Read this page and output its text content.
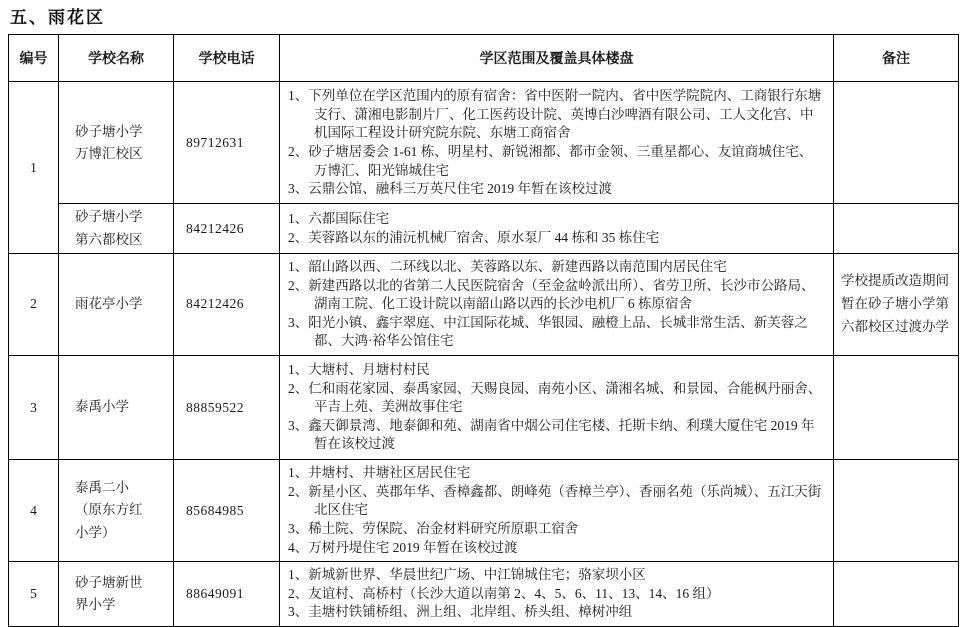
五、雨花区
编号	学校名称	学校电话	学区范围及覆盖具体楼盘	备注
1	砂子塘小学万博汇校区	89712631	1、下列单位在学区范围内的原有宿舍：省中医附一院内、省中医学院院内、工商银行东塘支行、潇湘电影制片厂、化工医药设计院、英博白沙啤酒有限公司、工人文化宫、中机国际工程设计研究院东院、东塘工商宿舍
2、砂子塘居委会 1-61 栋、明星村、新锐湘都、都市金领、三重星都心、友谊商城住宅、万博汇、阳光锦城住宅
3、云鼎公馆、融科三万英尺住宅 2019 年暂在该校过渡	

	砂子塘小学第六都校区	84212426	1、六都国际住宅
2、芙蓉路以东的浦沅机械厂宿舍、原水泵厂 44 栋和 35 栋住宅	

2	雨花亭小学	84212426	1、韶山路以西、二环线以北、芙蓉路以东、新建西路以南范围内居民住宅
2、新建西路以北的省第二人民医院宿舍（至金盆岭派出所）、省劳卫所、长沙市公路局、湖南工院、化工设计院以南韶山路以西的长沙电机厂 6 栋原宿舍
3、阳光小镇、鑫宇翠庭、中江国际花城、华银园、融橙上品、长城非常生活、新芙蓉之都、大鸿·裕华公馆住宅	学校提质改造期间暂在砂子塘小学第六都校区过渡办学
3	泰禹小学	88859522	1、大塘村、月塘村村民
2、仁和雨花家园、泰禹家园、天赐良园、南苑小区、潇湘名城、和景园、合能枫丹丽舍、平吉上苑、美洲故事住宅
3、鑫天御景湾、地泰御和苑、湖南省中烟公司住宅楼、托斯卡纳、利璞大厦住宅 2019 年暂在该校过渡	

4	泰禹二小（原东方红小学）	85684985	1、井塘村、井塘社区居民住宅
2、新星小区、英郡年华、香樟鑫都、朗峰苑（香樟兰亭）、香丽名苑（乐尚城）、五江天街北区住宅
3、稀土院、劳保院、冶金材料研究所原职工宿舍
4、万树丹堤住宅 2019 年暂在该校过渡	

5	砂子塘新世界小学	88649091	1、新城新世界、华晨世纪广场、中江锦城住宅；骆家坝小区
2、友谊村、高桥村（长沙大道以南第 2、4、5、6、11、13、14、16 组）
3、圭塘村铁铺桥组、洲上组、北岸组、桥头组、樟树冲组	
